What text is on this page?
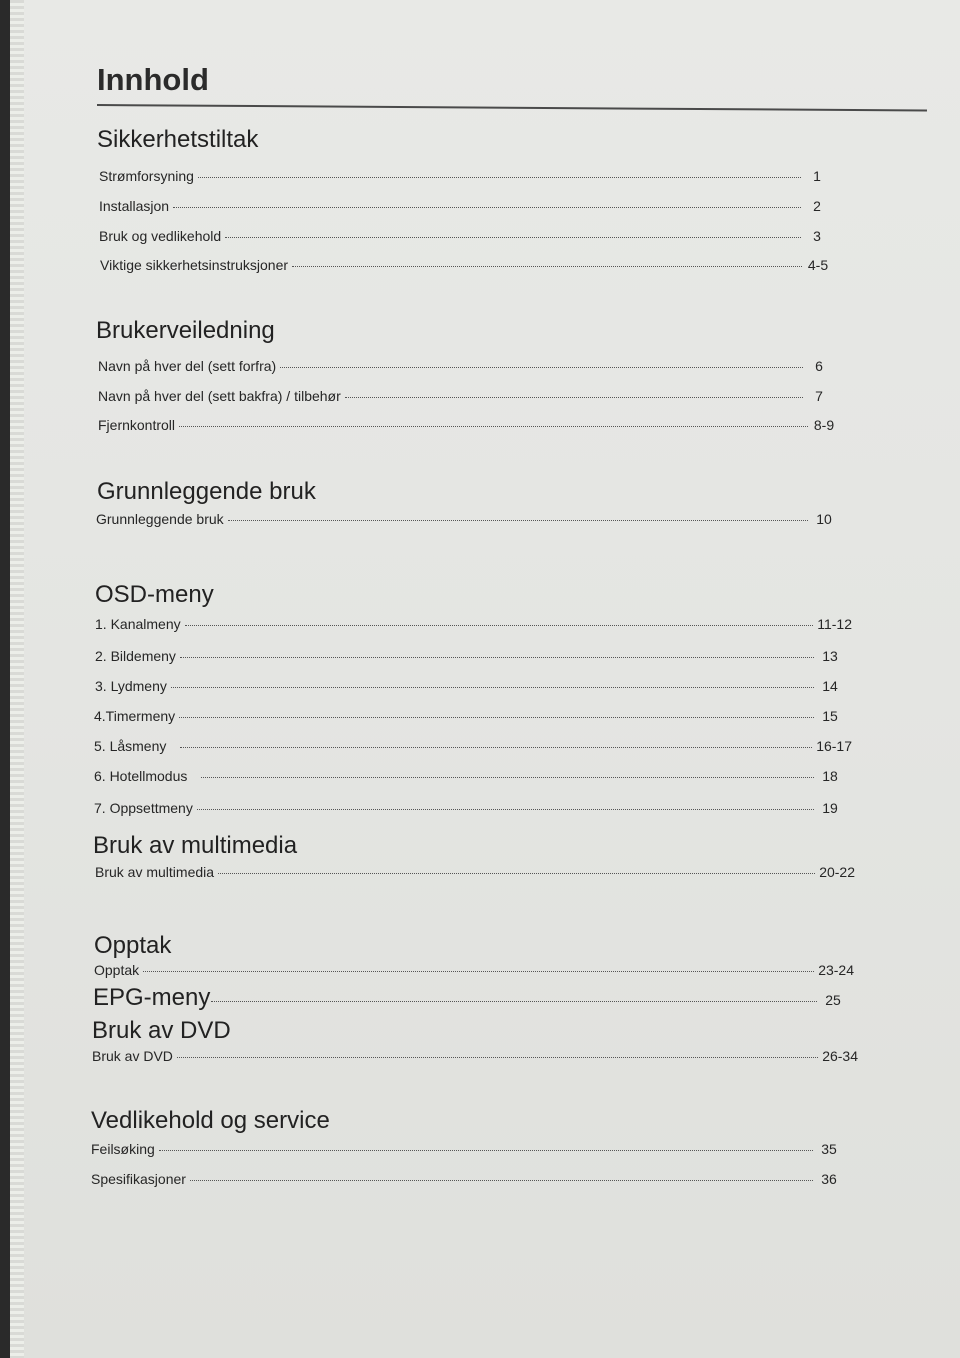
Innhold
Sikkerhetstiltak
Strømforsyning	1
Installasjon	2
Bruk og vedlikehold	3
Viktige sikkerhetsinstruksjoner	4-5
Brukerveiledning
Navn på hver del (sett forfra)	6
Navn på hver del (sett bakfra) / tilbehør	7
Fjernkontroll	8-9
Grunnleggende bruk
Grunnleggende bruk	10
OSD-meny
1. Kanalmeny	11-12
2. Bildemeny	13
3. Lydmeny	14
4.Timermeny	15
5. Låsmeny	16-17
6. Hotellmodus	18
7. Oppsettmeny	19
Bruk av multimedia
Bruk av multimedia	20-22
Opptak
Opptak	23-24
EPG-meny	25
Bruk av DVD
Bruk av DVD	26-34
Vedlikehold og service
Feilsøking	35
Spesifikasjoner	36
